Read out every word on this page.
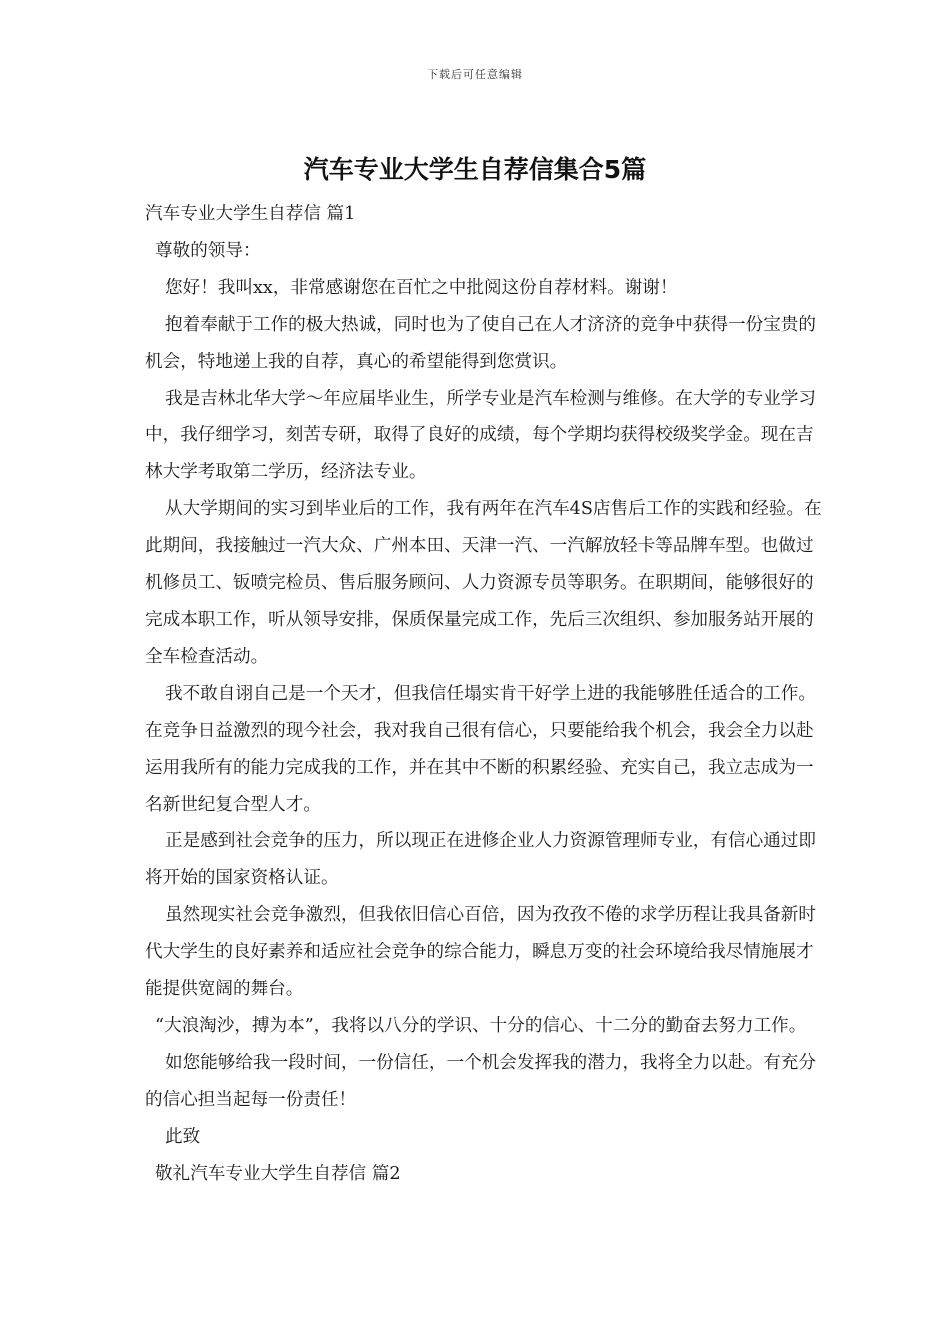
下载后可任意编辑
汽车专业大学生自荐信集合5篇

汽车专业大学生自荐信 篇1

尊敬的领导：

您好！我叫xx，非常感谢您在百忙之中批阅这份自荐材料。谢谢！

抱着奉献于工作的极大热诚，同时也为了使自己在人才济济的竞争中获得一份宝贵的机会，特地递上我的自荐，真心的希望能得到您赏识。

我是吉林北华大学～年应届毕业生，所学专业是汽车检测与维修。在大学的专业学习中，我仔细学习，刻苦专研，取得了良好的成绩，每个学期均获得校级奖学金。现在吉林大学考取第二学历，经济法专业。

从大学期间的实习到毕业后的工作，我有两年在汽车4S店售后工作的实践和经验。在此期间，我接触过一汽大众、广州本田、天津一汽、一汽解放轻卡等品牌车型。也做过机修员工、钣喷完检员、售后服务顾问、人力资源专员等职务。在职期间，能够很好的完成本职工作，听从领导安排，保质保量完成工作，先后三次组织、参加服务站开展的全车检查活动。

我不敢自诩自己是一个天才，但我信任塌实肯干好学上进的我能够胜任适合的工作。在竞争日益激烈的现今社会，我对我自己很有信心，只要能给我个机会，我会全力以赴运用我所有的能力完成我的工作，并在其中不断的积累经验、充实自己，我立志成为一名新世纪复合型人才。

正是感到社会竞争的压力，所以现正在进修企业人力资源管理师专业，有信心通过即将开始的国家资格认证。

虽然现实社会竞争激烈，但我依旧信心百倍，因为孜孜不倦的求学历程让我具备新时代大学生的良好素养和适应社会竞争的综合能力，瞬息万变的社会环境给我尽情施展才能提供宽阔的舞台。

“大浪淘沙，搏为本”，我将以八分的学识、十分的信心、十二分的勤奋去努力工作。

如您能够给我一段时间，一份信任，一个机会发挥我的潜力，我将全力以赴。有充分的信心担当起每一份责任！

此致

敬礼汽车专业大学生自荐信 篇2
